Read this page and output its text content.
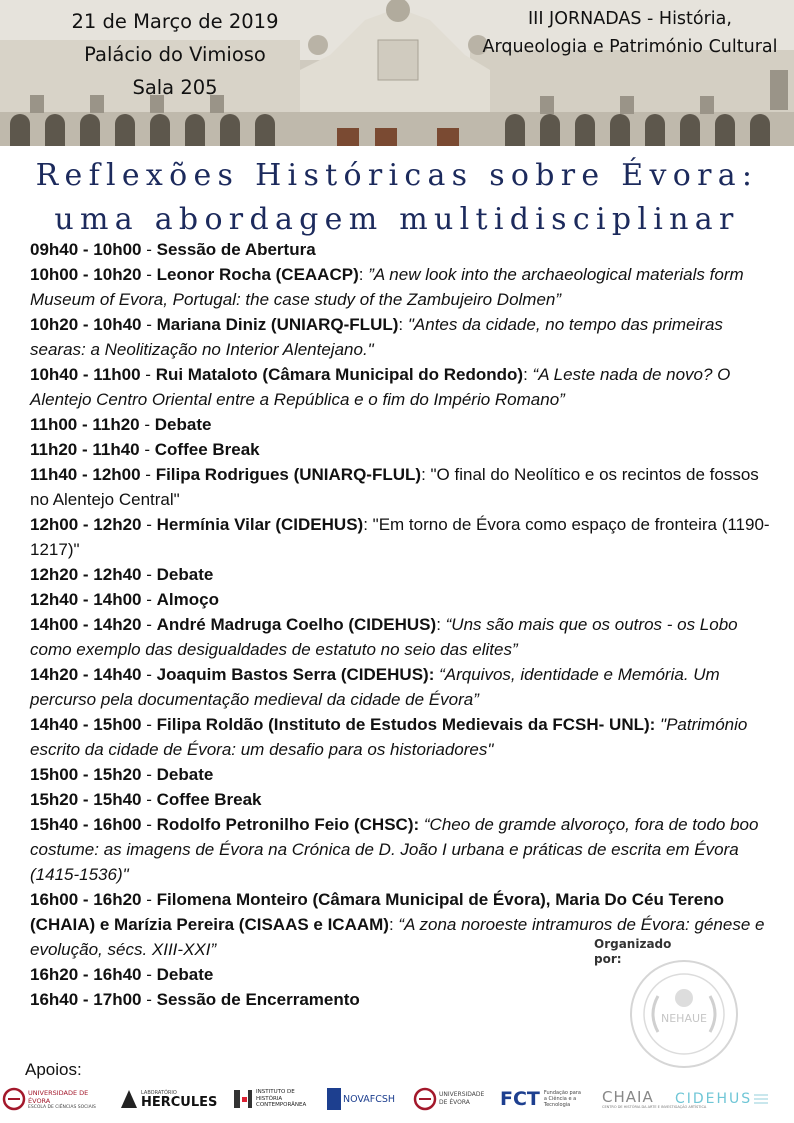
21 de Março de 2019
Palácio do Vimioso
Sala 205
III JORNADAS - História,
Arqueologia e Património Cultural
Reflexões Históricas sobre Évora:
uma abordagem multidisciplinar
09h40 - 10h00 - Sessão de Abertura
10h00 - 10h20 - Leonor Rocha (CEAACP): ”A new look into the archaeological materials form Museum of Evora, Portugal: the case study of the Zambujeiro Dolmen”
10h20 - 10h40 - Mariana Diniz (UNIARQ-FLUL): "Antes da cidade, no tempo das primeiras searas: a Neolitização no Interior Alentejano."
10h40 - 11h00 - Rui Mataloto (Câmara Municipal do Redondo): “A Leste nada de novo? O Alentejo Centro Oriental entre a República e o fim do Império Romano”
11h00 - 11h20 - Debate
11h20 - 11h40 - Coffee Break
11h40 - 12h00 - Filipa Rodrigues (UNIARQ-FLUL): "O final do Neolítico e os recintos de fossos no Alentejo Central"
12h00 - 12h20 - Hermínia Vilar (CIDEHUS): "Em torno de Évora como espaço de fronteira (1190-1217)"
12h20 - 12h40 - Debate
12h40 - 14h00 - Almoço
14h00 - 14h20 - André Madruga Coelho (CIDEHUS): “Uns são mais que os outros - os Lobo como exemplo das desigualdades de estatuto no seio das elites”
14h20 - 14h40 - Joaquim Bastos Serra (CIDEHUS): “Arquivos, identidade e Memória. Um percurso pela documentação medieval da cidade de Évora”
14h40 - 15h00 - Filipa Roldão (Instituto de Estudos Medievais da FCSH- UNL): "Património escrito da cidade de Évora: um desafio para os historiadores"
15h00 - 15h20 - Debate
15h20 - 15h40 - Coffee Break
15h40 - 16h00 - Rodolfo Petronilho Feio (CHSC): “Cheo de gramde alvoroço, fora de todo boo costume: as imagens de Évora na Crónica de D. João I urbana e práticas de escrita em Évora (1415-1536)"
16h00 - 16h20 - Filomena Monteiro (Câmara Municipal de Évora), Maria Do Céu Tereno (CHAIA) e Marízia Pereira (CISAAS e ICAAM): “A zona noroeste intramuros de Évora: génese e evolução, sécs. XIII-XXI”
16h20 - 16h40 - Debate
16h40 - 17h00 - Sessão de Encerramento
Organizado
por:
NEHAUE
Apoios:
UNIVERSIDADE DE ÉVORA
ESCOLA DE CIÊNCIAS SOCIAIS
LABORATÓRIO
HERCULES
INSTITUTO DE HISTÓRIA CONTEMPORÂNEA
NOVAFCSH	UNIVERSIDADE DE ÉVORA	FCT Fundação para a Ciência e a Tecnologia	CHAIA
CENTRO DE HISTÓRIA DA ARTE E INVESTIGAÇÃO ARTÍSTICA
CIDEHUS
